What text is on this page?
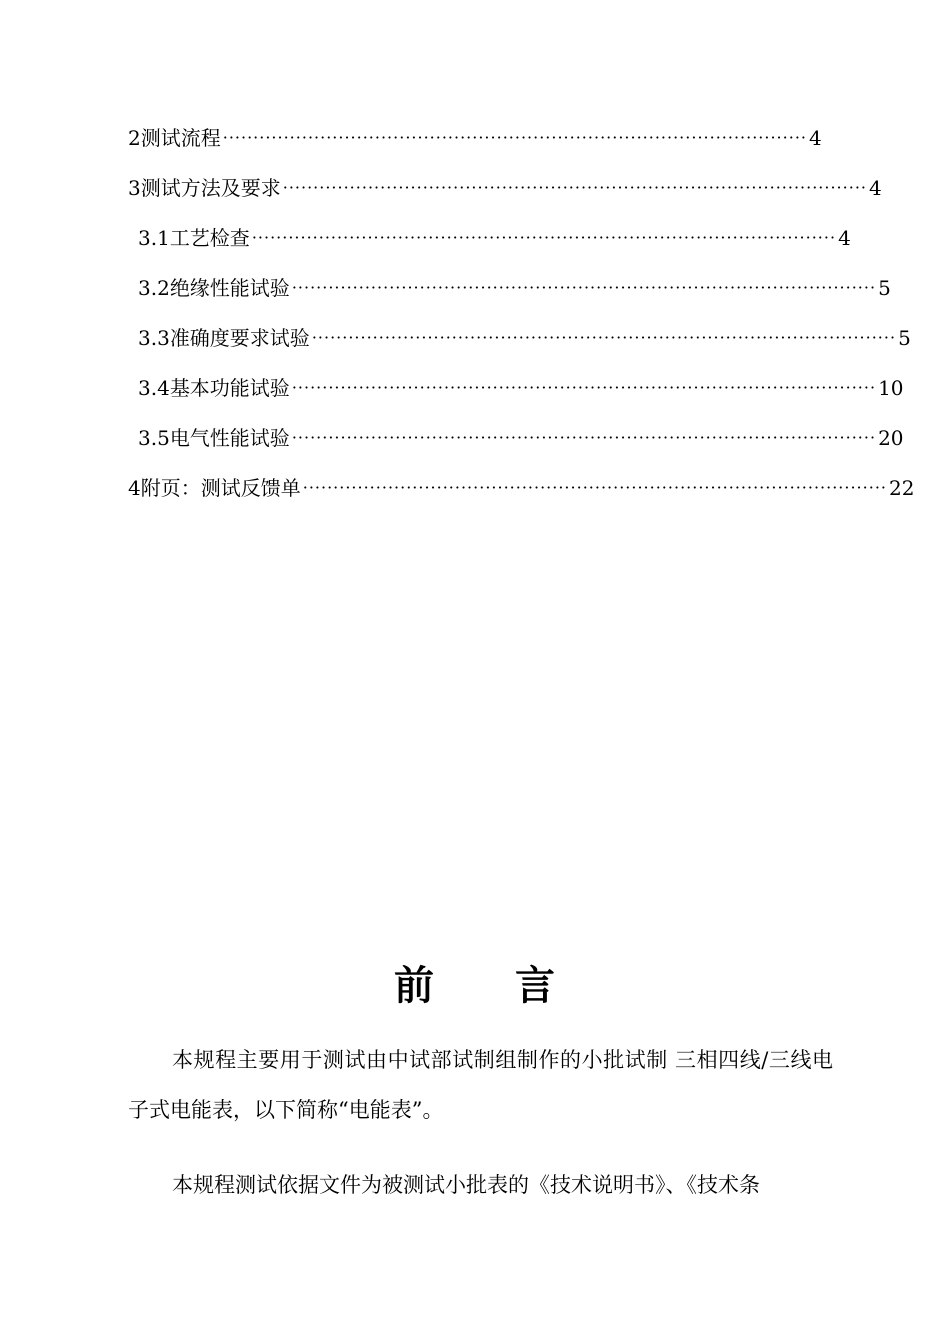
2 测试流程 ································································································ 4
3 测试方法及要求 ································································································ 4
3.1 工艺检查 ································································································ 4
3.2 绝缘性能试验 ································································································ 5
3.3 准确度要求试验 ································································································ 5
3.4 基本功能试验 ································································································ 10
3.5 电气性能试验 ································································································ 20
4 附页：测试反馈单 ································································································ 22
前 言

本规程主要用于测试由中试部试制组制作的小批试制 三相四线/三线电子式电能表，以下简称“电能表”。

本规程测试依据文件为被测试小批表的《技术说明书》、《技术条
